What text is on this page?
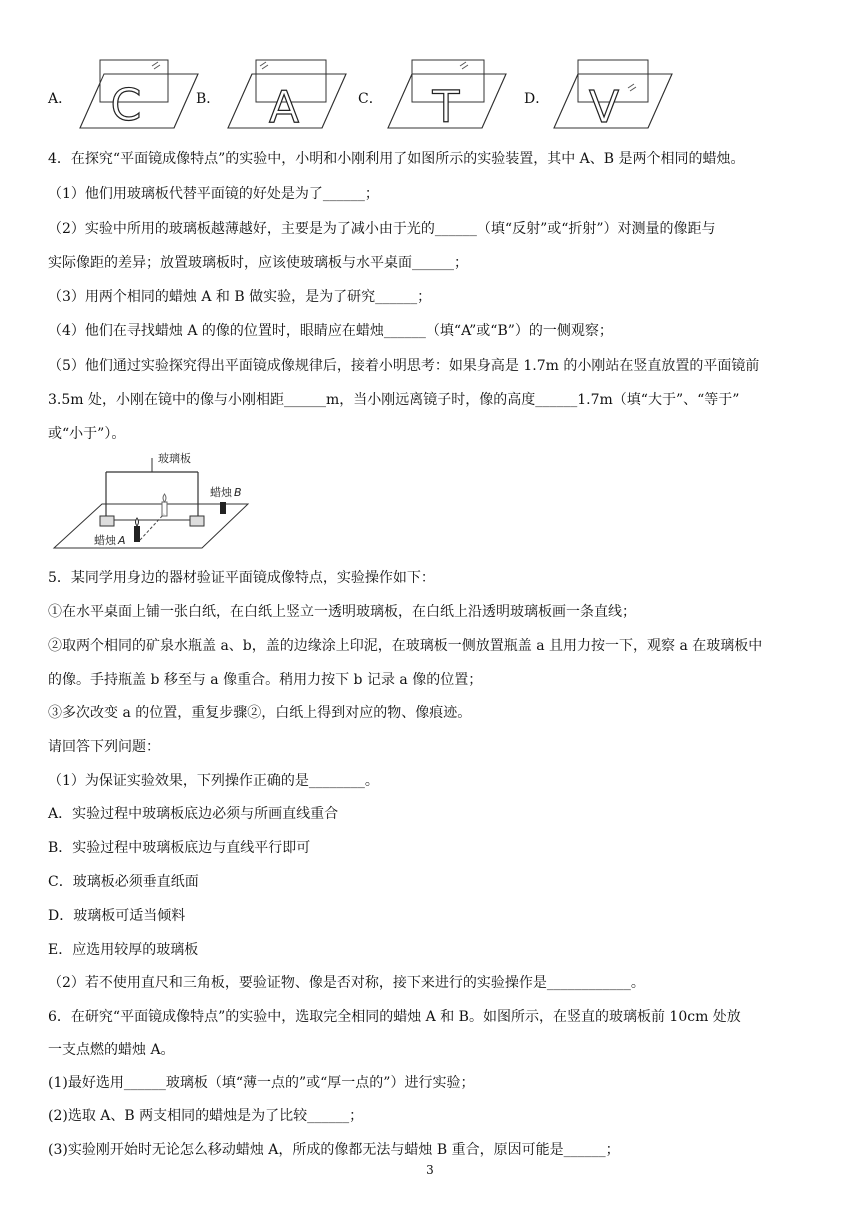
A． C	B． A	C． T	D． V
4．在探究“平面镜成像特点”的实验中，小明和小刚利用了如图所示的实验装置，其中 A、B 是两个相同的蜡烛。
（1）他们用玻璃板代替平面镜的好处是为了______；
（2）实验中所用的玻璃板越薄越好，主要是为了减小由于光的______（填“反射”或“折射”）对测量的像距与
实际像距的差异；放置玻璃板时，应该使玻璃板与水平桌面______；
（3）用两个相同的蜡烛 A 和 B 做实验，是为了研究______；
（4）他们在寻找蜡烛 A 的像的位置时，眼睛应在蜡烛______（填“A”或“B”）的一侧观察；
（5）他们通过实验探究得出平面镜成像规律后，接着小明思考：如果身高是 1.7m 的小刚站在竖直放置的平面镜前
3.5m 处，小刚在镜中的像与小刚相距______m，当小刚远离镜子时，像的高度______1.7m（填“大于”、“等于”
或“小于”）。
玻璃板
蜡烛 B
蜡烛 A
5．某同学用身边的器材验证平面镜成像特点，实验操作如下：
①在水平桌面上铺一张白纸，在白纸上竖立一透明玻璃板，在白纸上沿透明玻璃板画一条直线；
②取两个相同的矿泉水瓶盖 a、b，盖的边缘涂上印泥，在玻璃板一侧放置瓶盖 a 且用力按一下，观察 a 在玻璃板中
的像。手持瓶盖 b 移至与 a 像重合。稍用力按下 b 记录 a 像的位置；
③多次改变 a 的位置，重复步骤②，白纸上得到对应的物、像痕迹。
请回答下列问题：
（1）为保证实验效果，下列操作正确的是________。
A．实验过程中玻璃板底边必须与所画直线重合
B．实验过程中玻璃板底边与直线平行即可
C．玻璃板必须垂直纸面
D．玻璃板可适当倾料
E．应选用较厚的玻璃板
（2）若不使用直尺和三角板，要验证物、像是否对称，接下来进行的实验操作是____________。
6．在研究“平面镜成像特点”的实验中，选取完全相同的蜡烛 A 和 B。如图所示，在竖直的玻璃板前 10cm 处放
一支点燃的蜡烛 A。
(1)最好选用______玻璃板（填“薄一点的”或“厚一点的”）进行实验；
(2)选取 A、B 两支相同的蜡烛是为了比较______；
(3)实验刚开始时无论怎么移动蜡烛 A，所成的像都无法与蜡烛 B 重合，原因可能是______；
3
